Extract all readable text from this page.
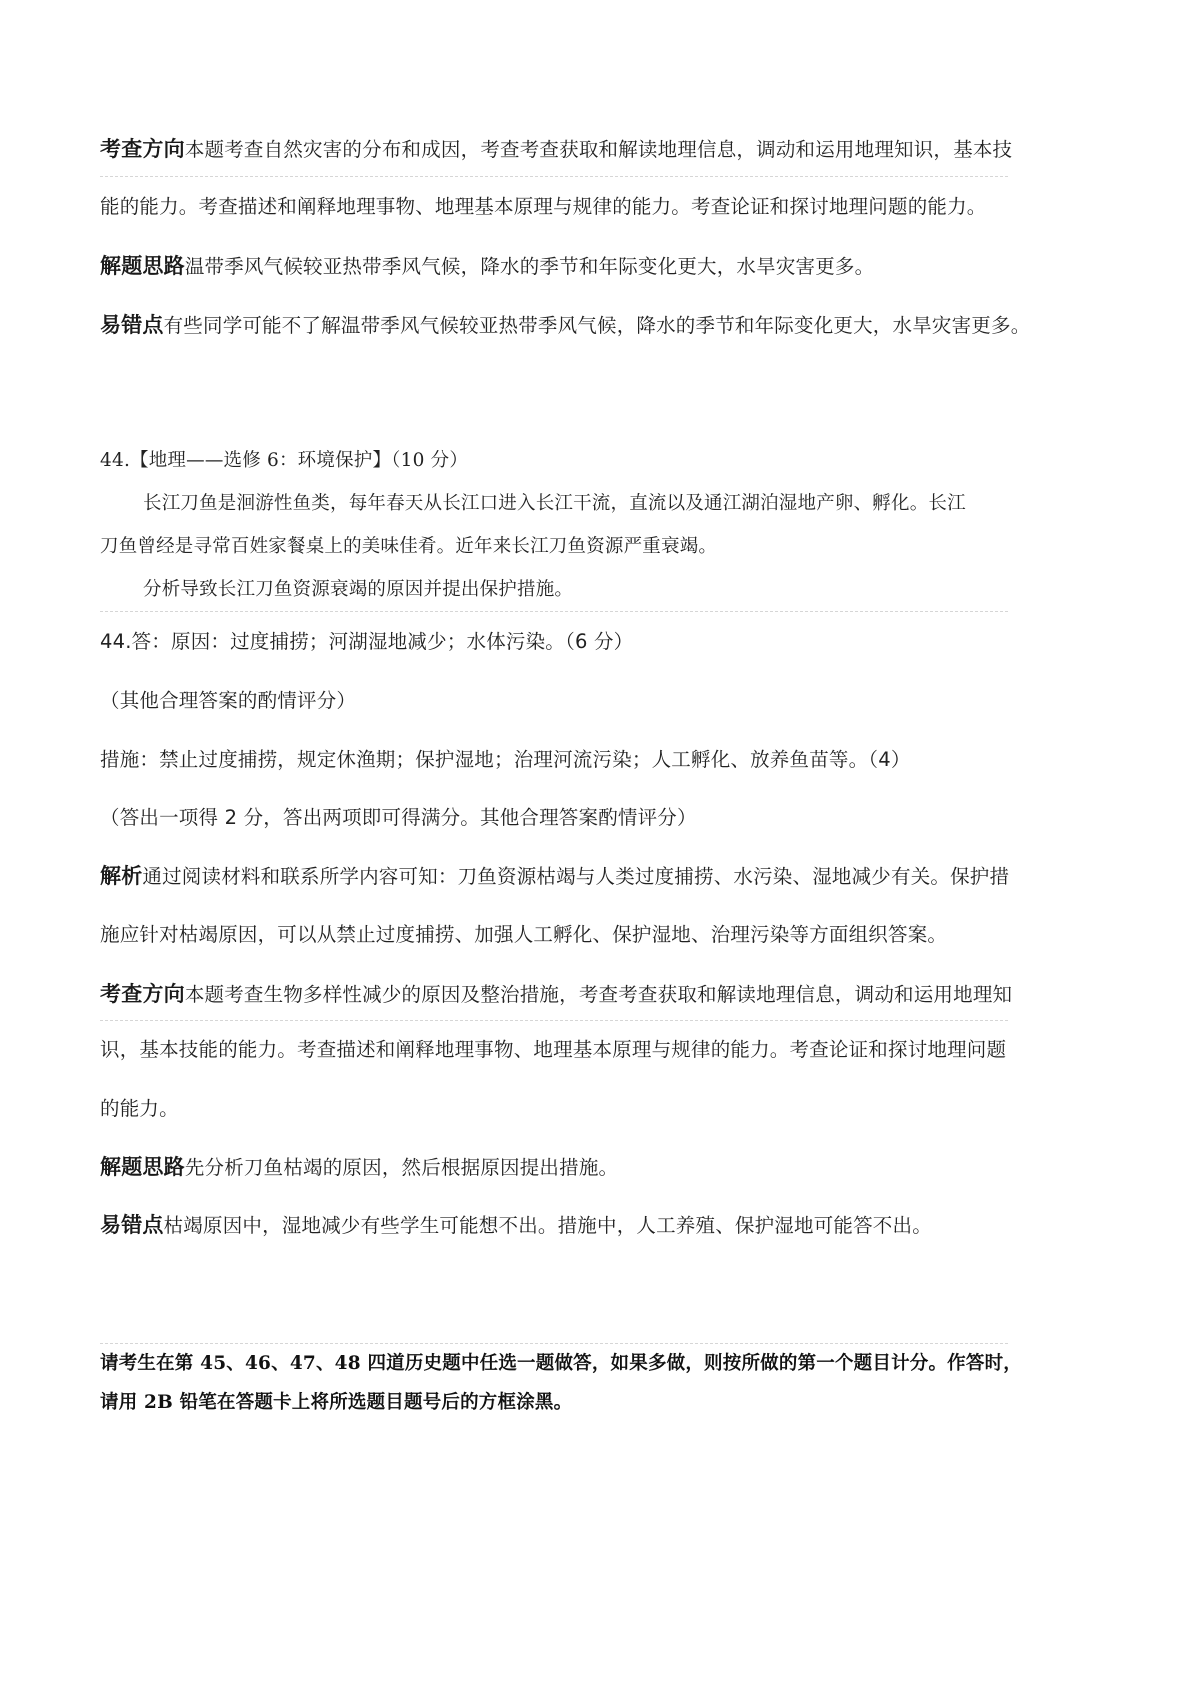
考查方向本题考查自然灾害的分布和成因，考查考查获取和解读地理信息，调动和运用地理知识，基本技
能的能力。考查描述和阐释地理事物、地理基本原理与规律的能力。考查论证和探讨地理问题的能力。
解题思路温带季风气候较亚热带季风气候，降水的季节和年际变化更大，水旱灾害更多。
易错点有些同学可能不了解温带季风气候较亚热带季风气候，降水的季节和年际变化更大，水旱灾害更多。
44.【地理——选修 6：环境保护】（10 分）
长江刀鱼是洄游性鱼类，每年春天从长江口进入长江干流，直流以及通江湖泊湿地产卵、孵化。长江
刀鱼曾经是寻常百姓家餐桌上的美味佳肴。近年来长江刀鱼资源严重衰竭。
分析导致长江刀鱼资源衰竭的原因并提出保护措施。
44.答：原因：过度捕捞；河湖湿地减少；水体污染。（6 分）
（其他合理答案的酌情评分）
措施：禁止过度捕捞，规定休渔期；保护湿地；治理河流污染；人工孵化、放养鱼苗等。（4）
（答出一项得 2 分，答出两项即可得满分。其他合理答案酌情评分）
解析通过阅读材料和联系所学内容可知：刀鱼资源枯竭与人类过度捕捞、水污染、湿地减少有关。保护措
施应针对枯竭原因，可以从禁止过度捕捞、加强人工孵化、保护湿地、治理污染等方面组织答案。
考查方向本题考查生物多样性减少的原因及整治措施，考查考查获取和解读地理信息，调动和运用地理知
识，基本技能的能力。考查描述和阐释地理事物、地理基本原理与规律的能力。考查论证和探讨地理问题
的能力。
解题思路先分析刀鱼枯竭的原因，然后根据原因提出措施。
易错点枯竭原因中，湿地减少有些学生可能想不出。措施中，人工养殖、保护湿地可能答不出。
请考生在第 45、46、47、48 四道历史题中任选一题做答，如果多做，则按所做的第一个题目计分。作答时，
请用 2B 铅笔在答题卡上将所选题目题号后的方框涂黑。
